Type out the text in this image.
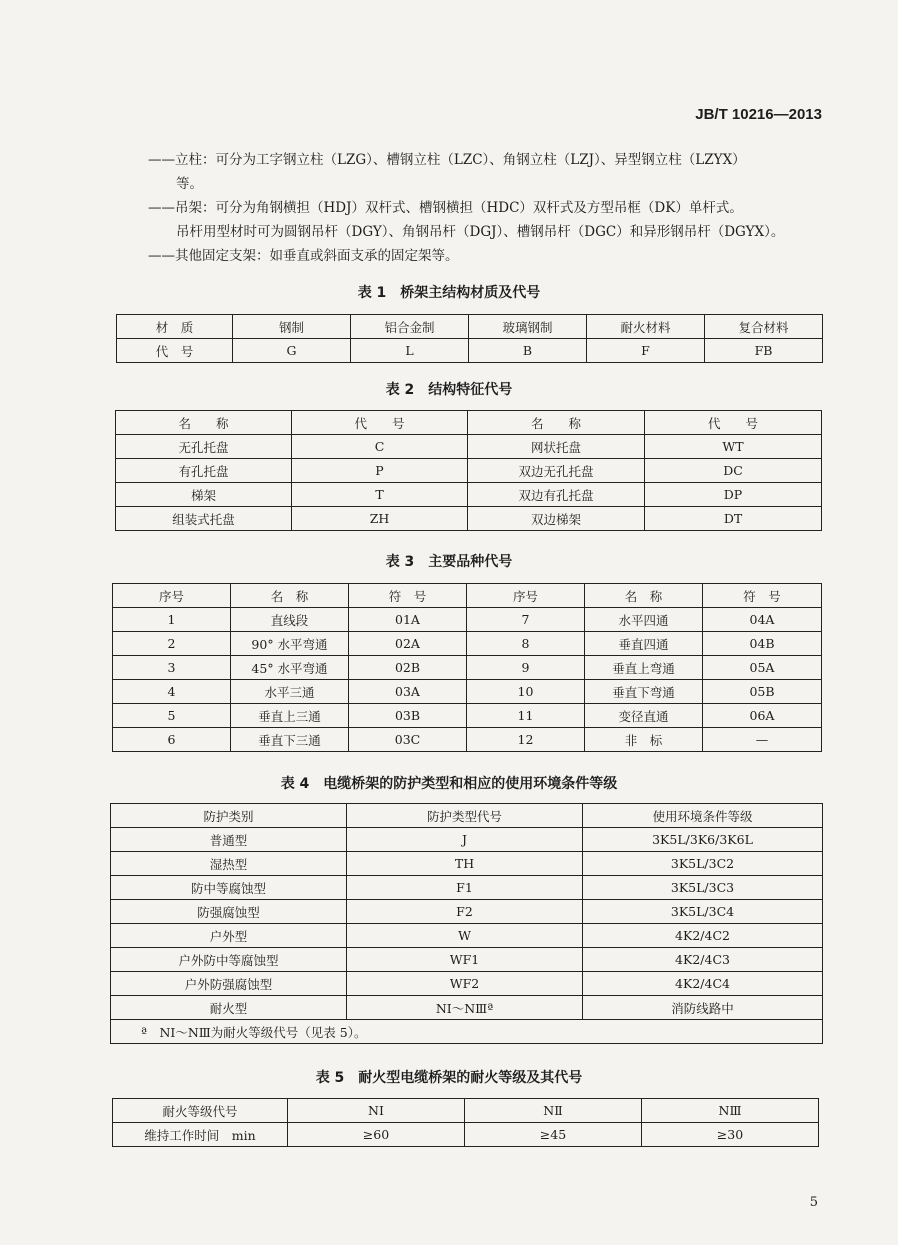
JB/T 10216—2013

——立柱：可分为工字钢立柱（LZG）、槽钢立柱（LZC）、角钢立柱（LZJ）、异型钢立柱（LZYX）

等。

——吊架：可分为角钢横担（HDJ）双杆式、槽钢横担（HDC）双杆式及方型吊框（DK）单杆式。

吊杆用型材时可为圆钢吊杆（DGY）、角钢吊杆（DGJ）、槽钢吊杆（DGC）和异形钢吊杆（DGYX）。

——其他固定支架：如垂直或斜面支承的固定架等。

表 1　桥架主结构材质及代号
材　质	钢制	铝合金制	玻璃钢制	耐火材料	复合材料
代　号	G	L	B	F	FB
表 2　结构特征代号
名　　称	代　　号	名　　称	代　　号
无孔托盘	C	网状托盘	WT
有孔托盘	P	双边无孔托盘	DC
梯架	T	双边有孔托盘	DP
组装式托盘	ZH	双边梯架	DT
表 3　主要品种代号
序号	名　称	符　号	序号	名　称	符　号
1	直线段	01A	7	水平四通	04A
2	90° 水平弯通	02A	8	垂直四通	04B
3	45° 水平弯通	02B	9	垂直上弯通	05A
4	水平三通	03A	10	垂直下弯通	05B
5	垂直上三通	03B	11	变径直通	06A
6	垂直下三通	03C	12	非　标	—
表 4　电缆桥架的防护类型和相应的使用环境条件等级
防护类别	防护类型代号	使用环境条件等级
普通型	J	3K5L/3K6/3K6L
湿热型	TH	3K5L/3C2
防中等腐蚀型	F1	3K5L/3C3
防强腐蚀型	F2	3K5L/3C4
户外型	W	4K2/4C2
户外防中等腐蚀型	WF1	4K2/4C3
户外防强腐蚀型	WF2	4K2/4C4
耐火型	NⅠ～NⅢª	消防线路中
ª　NⅠ～NⅢ为耐火等级代号（见表 5）。		
表 5　耐火型电缆桥架的耐火等级及其代号
耐火等级代号	NⅠ	NⅡ	NⅢ
维持工作时间　min	≥60	≥45	≥30
5
